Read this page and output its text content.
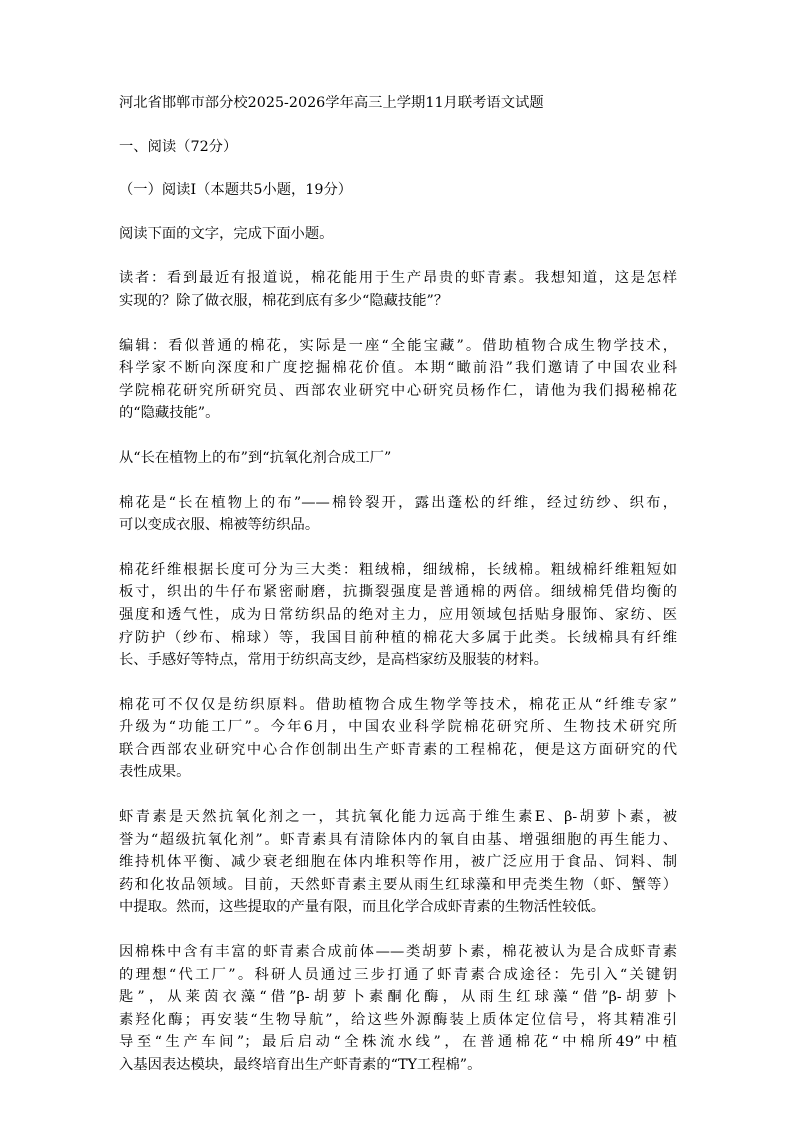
河北省邯郸市部分校2025-2026学年高三上学期11月联考语文试题
一、阅读（72分）
（一）阅读Ⅰ（本题共5小题，19分）
阅读下面的文字，完成下面小题。
读者：看到最近有报道说，棉花能用于生产昂贵的虾青素。我想知道，这是怎样
实现的？除了做衣服，棉花到底有多少“隐藏技能”？
编辑：看似普通的棉花，实际是一座“全能宝藏”。借助植物合成生物学技术，
科学家不断向深度和广度挖掘棉花价值。本期“瞰前沿”我们邀请了中国农业科
学院棉花研究所研究员、西部农业研究中心研究员杨作仁，请他为我们揭秘棉花
的“隐藏技能”。
从“长在植物上的布”到“抗氧化剂合成工厂”
棉花是“长在植物上的布”——棉铃裂开，露出蓬松的纤维，经过纺纱、织布，
可以变成衣服、棉被等纺织品。
棉花纤维根据长度可分为三大类：粗绒棉，细绒棉，长绒棉。粗绒棉纤维粗短如
板寸，织出的牛仔布紧密耐磨，抗撕裂强度是普通棉的两倍。细绒棉凭借均衡的
强度和透气性，成为日常纺织品的绝对主力，应用领域包括贴身服饰、家纺、医
疗防护（纱布、棉球）等，我国目前种植的棉花大多属于此类。长绒棉具有纤维
长、手感好等特点，常用于纺织高支纱，是高档家纺及服装的材料。
棉花可不仅仅是纺织原料。借助植物合成生物学等技术，棉花正从“纤维专家”
升级为“功能工厂”。今年6月，中国农业科学院棉花研究所、生物技术研究所
联合西部农业研究中心合作创制出生产虾青素的工程棉花，便是这方面研究的代
表性成果。
虾青素是天然抗氧化剂之一，其抗氧化能力远高于维生素E、β-胡萝卜素，被
誉为“超级抗氧化剂”。虾青素具有清除体内的氧自由基、增强细胞的再生能力、
维持机体平衡、减少衰老细胞在体内堆积等作用，被广泛应用于食品、饲料、制
药和化妆品领域。目前，天然虾青素主要从雨生红球藻和甲壳类生物（虾、蟹等）
中提取。然而，这些提取的产量有限，而且化学合成虾青素的生物活性较低。
因棉株中含有丰富的虾青素合成前体——类胡萝卜素，棉花被认为是合成虾青素
的理想“代工厂”。科研人员通过三步打通了虾青素合成途径：先引入“关键钥
匙”，从莱茵衣藻“借”β-胡萝卜素酮化酶，从雨生红球藻“借”β-胡萝卜
素羟化酶；再安装“生物导航”，给这些外源酶装上质体定位信号，将其精准引
导至“生产车间”；最后启动“全株流水线”，在普通棉花“中棉所49”中植
入基因表达模块，最终培育出生产虾青素的“TY工程棉”。
